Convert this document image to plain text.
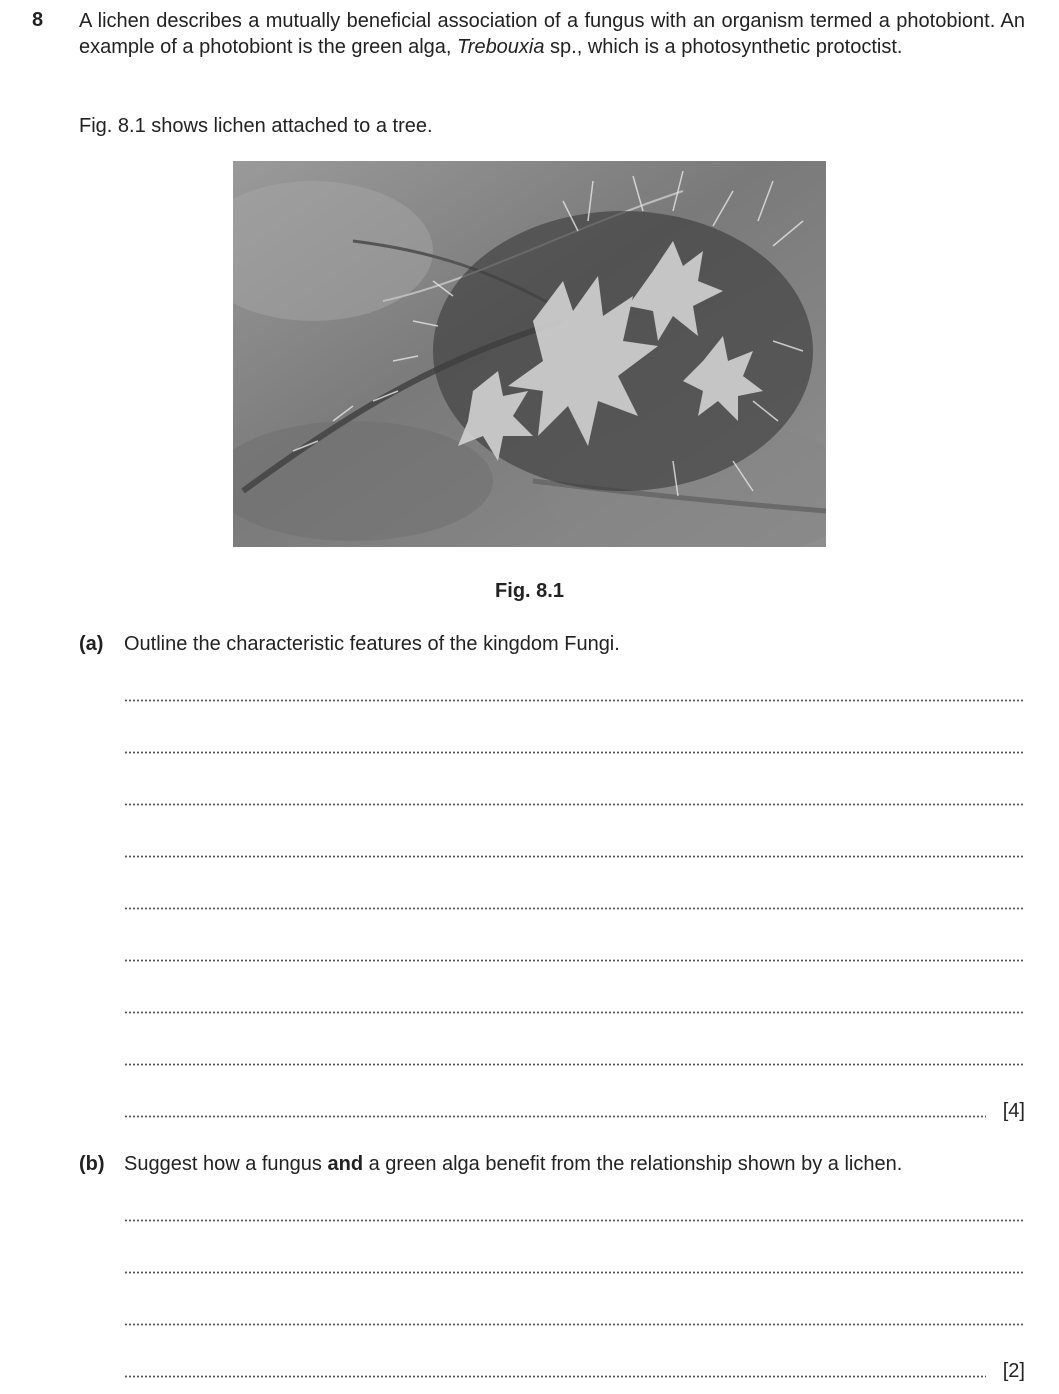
8 A lichen describes a mutually beneficial association of a fungus with an organism termed a photobiont. An example of a photobiont is the green alga, Trebouxia sp., which is a photosynthetic protoctist.
Fig. 8.1 shows lichen attached to a tree.
Fig. 8.1
(a) Outline the characteristic features of the kingdom Fungi.
[4]
(b) Suggest how a fungus and a green alga benefit from the relationship shown by a lichen.
[2]
